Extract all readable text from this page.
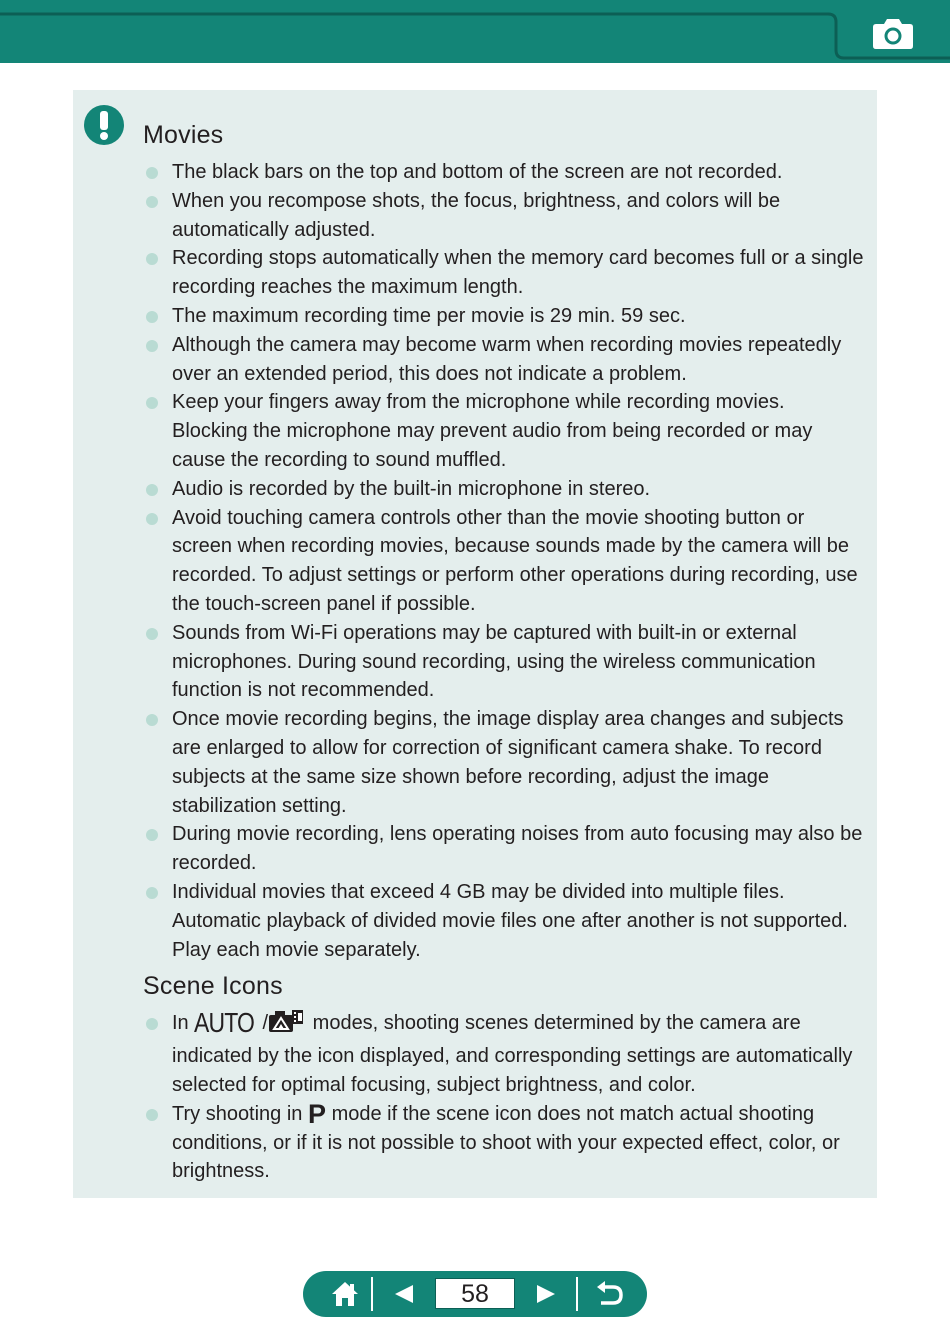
Movies
The black bars on the top and bottom of the screen are not recorded.
When you recompose shots, the focus, brightness, and colors will be automatically adjusted.
Recording stops automatically when the memory card becomes full or a single recording reaches the maximum length.
The maximum recording time per movie is 29 min. 59 sec.
Although the camera may become warm when recording movies repeatedly over an extended period, this does not indicate a problem.
Keep your fingers away from the microphone while recording movies. Blocking the microphone may prevent audio from being recorded or may cause the recording to sound muffled.
Audio is recorded by the built-in microphone in stereo.
Avoid touching camera controls other than the movie shooting button or screen when recording movies, because sounds made by the camera will be recorded. To adjust settings or perform other operations during recording, use the touch-screen panel if possible.
Sounds from Wi-Fi operations may be captured with built-in or external microphones. During sound recording, using the wireless communication function is not recommended.
Once movie recording begins, the image display area changes and subjects are enlarged to allow for correction of significant camera shake. To record subjects at the same size shown before recording, adjust the image stabilization setting.
During movie recording, lens operating noises from auto focusing may also be recorded.
Individual movies that exceed 4 GB may be divided into multiple files. Automatic playback of divided movie files one after another is not supported. Play each movie separately.
Scene Icons
In AUTO / modes, shooting scenes determined by the camera are indicated by the icon displayed, and corresponding settings are automatically selected for optimal focusing, subject brightness, and color.
Try shooting in P mode if the scene icon does not match actual shooting conditions, or if it is not possible to shoot with your expected effect, color, or brightness.
58
